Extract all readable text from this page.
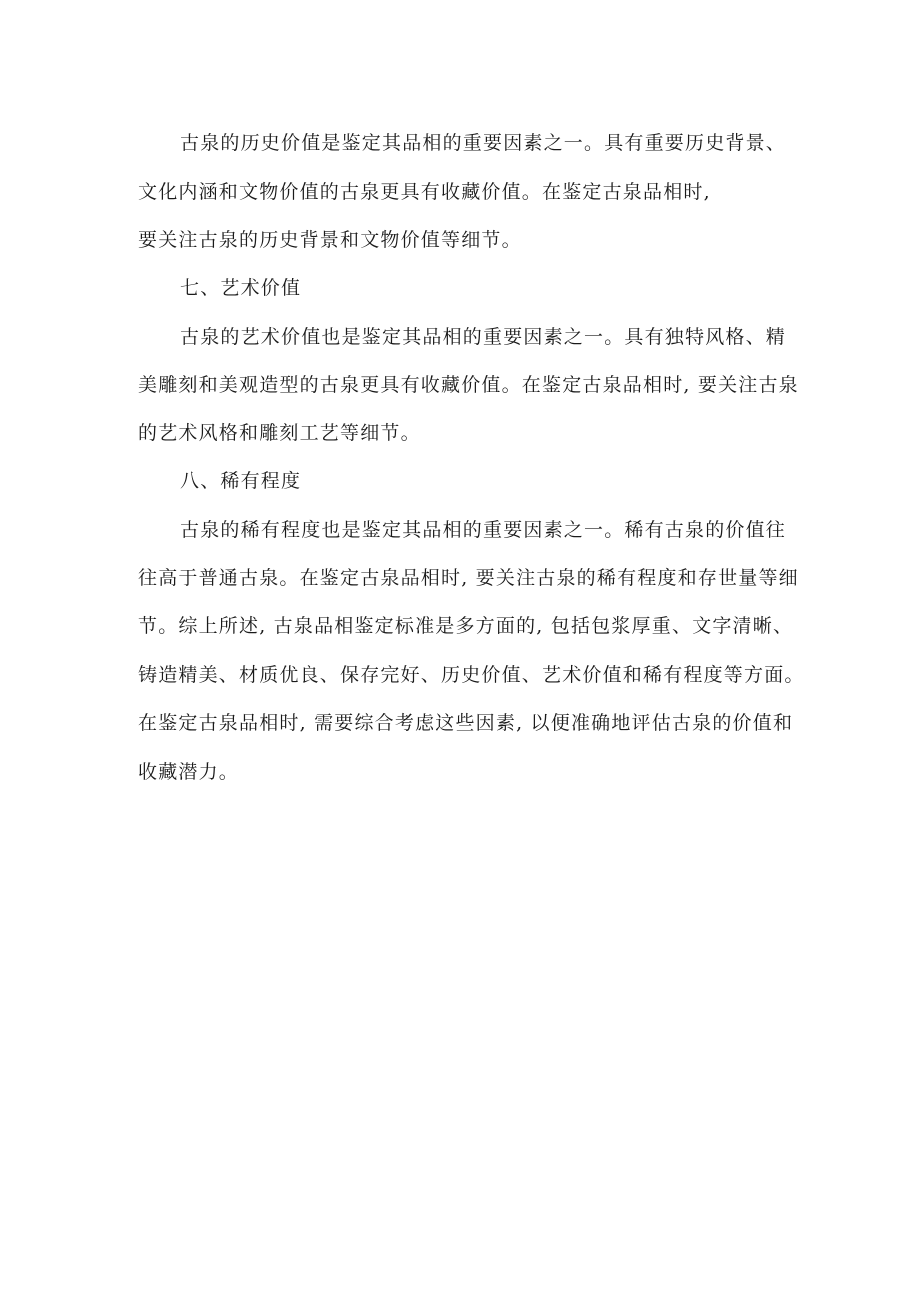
古泉的历史价值是鉴定其品相的重要因素之一。具有重要历史背景、
文化内涵和文物价值的古泉更具有收藏价值。在鉴定古泉品相时,
要关注古泉的历史背景和文物价值等细节。
七、艺术价值
古泉的艺术价值也是鉴定其品相的重要因素之一。具有独特风格、精
美雕刻和美观造型的古泉更具有收藏价值。在鉴定古泉品相时, 要关注古泉
的艺术风格和雕刻工艺等细节。
八、稀有程度
古泉的稀有程度也是鉴定其品相的重要因素之一。稀有古泉的价值往
往高于普通古泉。在鉴定古泉品相时, 要关注古泉的稀有程度和存世量等细
节。综上所述, 古泉品相鉴定标准是多方面的, 包括包浆厚重、文字清晰、
铸造精美、材质优良、保存完好、历史价值、艺术价值和稀有程度等方面。
在鉴定古泉品相时, 需要综合考虑这些因素, 以便准确地评估古泉的价值和
收藏潜力。
